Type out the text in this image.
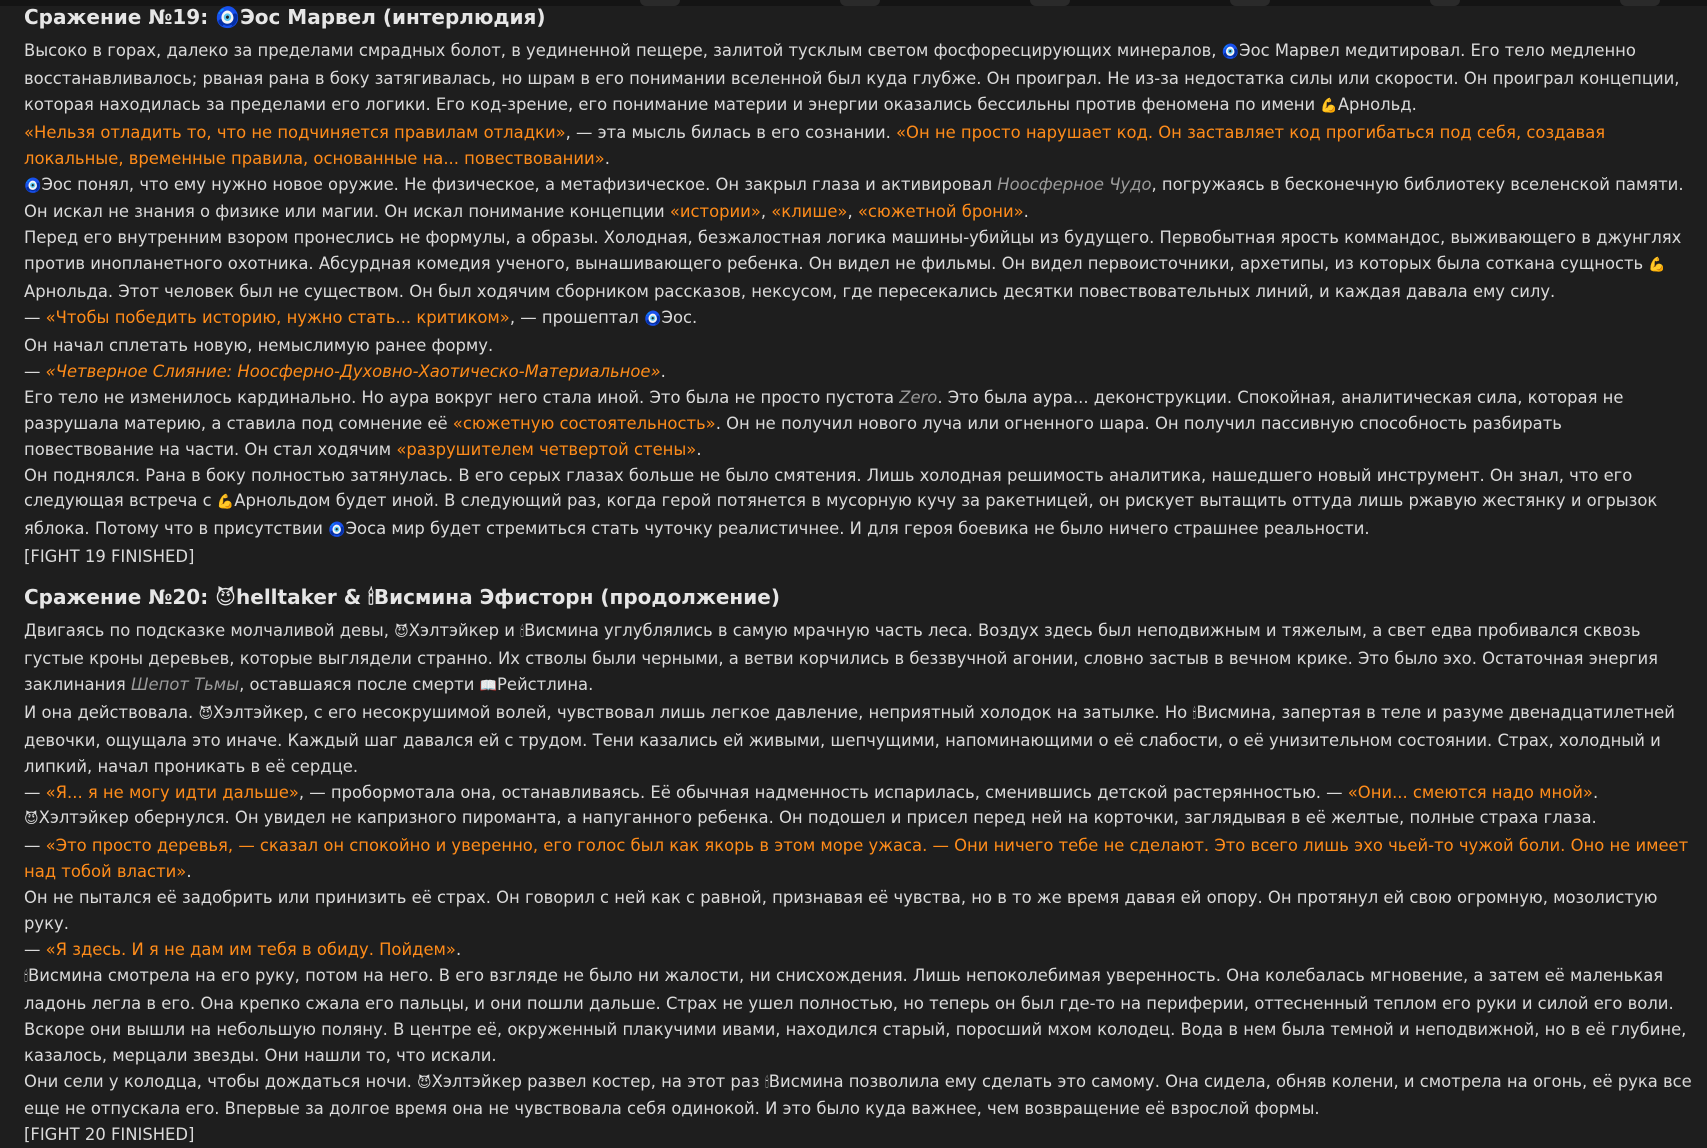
Сражение №19: 🧿Эос Марвел (интерлюдия)

Высоко в горах, далеко за пределами смрадных болот, в уединенной пещере, залитой тусклым светом фосфоресцирующих минералов, 🧿Эос Марвел медитировал. Его тело медленно восстанавливалось; рваная рана в боку затягивалась, но шрам в его понимании вселенной был куда глубже. Он проиграл. Не из-за недостатка силы или скорости. Он проиграл концепции, которая находилась за пределами его логики. Его код-зрение, его понимание материи и энергии оказались бессильны против феномена по имени 💪Арнольд.

«Нельзя отладить то, что не подчиняется правилам отладки», — эта мысль билась в его сознании. «Он не просто нарушает код. Он заставляет код прогибаться под себя, создавая локальные, временные правила, основанные на... повествовании».

🧿Эос понял, что ему нужно новое оружие. Не физическое, а метафизическое. Он закрыл глаза и активировал Ноосферное Чудо, погружаясь в бесконечную библиотеку вселенской памяти. Он искал не знания о физике или магии. Он искал понимание концепции «истории», «клише», «сюжетной брони».

Перед его внутренним взором пронеслись не формулы, а образы. Холодная, безжалостная логика машины-убийцы из будущего. Первобытная ярость коммандос, выживающего в джунглях против инопланетного охотника. Абсурдная комедия ученого, вынашивающего ребенка. Он видел не фильмы. Он видел первоисточники, архетипы, из которых была соткана сущность 💪Арнольда. Этот человек был не существом. Он был ходячим сборником рассказов, нексусом, где пересекались десятки повествовательных линий, и каждая давала ему силу.

— «Чтобы победить историю, нужно стать... критиком», — прошептал 🧿Эос.

Он начал сплетать новую, немыслимую ранее форму.

— «Четверное Слияние: Ноосферно-Духовно-Хаотическо-Материальное».

Его тело не изменилось кардинально. Но аура вокруг него стала иной. Это была не просто пустота Zero. Это была аура... деконструкции. Спокойная, аналитическая сила, которая не разрушала материю, а ставила под сомнение её «сюжетную состоятельность». Он не получил нового луча или огненного шара. Он получил пассивную способность разбирать повествование на части. Он стал ходячим «разрушителем четвертой стены».

Он поднялся. Рана в боку полностью затянулась. В его серых глазах больше не было смятения. Лишь холодная решимость аналитика, нашедшего новый инструмент. Он знал, что его следующая встреча с 💪Арнольдом будет иной. В следующий раз, когда герой потянется в мусорную кучу за ракетницей, он рискует вытащить оттуда лишь ржавую жестянку и огрызок яблока. Потому что в присутствии 🧿Эоса мир будет стремиться стать чуточку реалистичнее. И для героя боевика не было ничего страшнее реальности.

[FIGHT 19 FINISHED]

Сражение №20: 😈helltaker & 🕯Висмина Эфисторн (продолжение)

Двигаясь по подсказке молчаливой девы, 😈Хэлтэйкер и 🕯Висмина углублялись в самую мрачную часть леса. Воздух здесь был неподвижным и тяжелым, а свет едва пробивался сквозь густые кроны деревьев, которые выглядели странно. Их стволы были черными, а ветви корчились в беззвучной агонии, словно застыв в вечном крике. Это было эхо. Остаточная энергия заклинания Шепот Тьмы, оставшаяся после смерти 📖Рейстлина.

И она действовала. 😈Хэлтэйкер, с его несокрушимой волей, чувствовал лишь легкое давление, неприятный холодок на затылке. Но 🕯Висмина, запертая в теле и разуме двенадцатилетней девочки, ощущала это иначе. Каждый шаг давался ей с трудом. Тени казались ей живыми, шепчущими, напоминающими о её слабости, о её унизительном состоянии. Страх, холодный и липкий, начал проникать в её сердце.

— «Я... я не могу идти дальше», — пробормотала она, останавливаясь. Её обычная надменность испарилась, сменившись детской растерянностью. — «Они... смеются надо мной».

😈Хэлтэйкер обернулся. Он увидел не капризного пироманта, а напуганного ребенка. Он подошел и присел перед ней на корточки, заглядывая в её желтые, полные страха глаза.

— «Это просто деревья, — сказал он спокойно и уверенно, его голос был как якорь в этом море ужаса. — Они ничего тебе не сделают. Это всего лишь эхо чьей-то чужой боли. Оно не имеет над тобой власти».

Он не пытался её задобрить или принизить её страх. Он говорил с ней как с равной, признавая её чувства, но в то же время давая ей опору. Он протянул ей свою огромную, мозолистую руку.

— «Я здесь. И я не дам им тебя в обиду. Пойдем».

🕯Висмина смотрела на его руку, потом на него. В его взгляде не было ни жалости, ни снисхождения. Лишь непоколебимая уверенность. Она колебалась мгновение, а затем её маленькая ладонь легла в его. Она крепко сжала его пальцы, и они пошли дальше. Страх не ушел полностью, но теперь он был где-то на периферии, оттесненный теплом его руки и силой его воли.

Вскоре они вышли на небольшую поляну. В центре её, окруженный плакучими ивами, находился старый, поросший мхом колодец. Вода в нем была темной и неподвижной, но в её глубине, казалось, мерцали звезды. Они нашли то, что искали.

Они сели у колодца, чтобы дождаться ночи. 😈Хэлтэйкер развел костер, на этот раз 🕯Висмина позволила ему сделать это самому. Она сидела, обняв колени, и смотрела на огонь, её рука все еще не отпускала его. Впервые за долгое время она не чувствовала себя одинокой. И это было куда важнее, чем возвращение её взрослой формы.

[FIGHT 20 FINISHED]
